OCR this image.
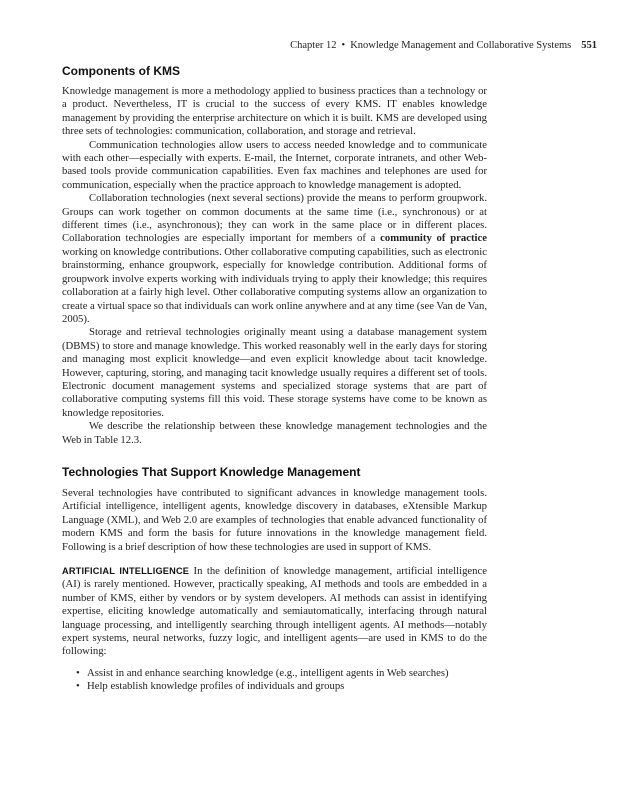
Chapter 12 • Knowledge Management and Collaborative Systems 551
Components of KMS

Knowledge management is more a methodology applied to business practices than a technology or a product. Nevertheless, IT is crucial to the success of every KMS. IT enables knowledge management by providing the enterprise architecture on which it is built. KMS are developed using three sets of technologies: communication, collaboration, and storage and retrieval.

Communication technologies allow users to access needed knowledge and to communicate with each other—especially with experts. E-mail, the Internet, corporate intranets, and other Web-based tools provide communication capabilities. Even fax machines and telephones are used for communication, especially when the practice approach to knowledge management is adopted.

Collaboration technologies (next several sections) provide the means to perform groupwork. Groups can work together on common documents at the same time (i.e., synchronous) or at different times (i.e., asynchronous); they can work in the same place or in different places. Collaboration technologies are especially important for members of a community of practice working on knowledge contributions. Other collaborative computing capabilities, such as electronic brainstorming, enhance groupwork, especially for knowledge contribution. Additional forms of groupwork involve experts working with individuals trying to apply their knowledge; this requires collaboration at a fairly high level. Other collaborative computing systems allow an organization to create a virtual space so that individuals can work online anywhere and at any time (see Van de Van, 2005).

Storage and retrieval technologies originally meant using a database management system (DBMS) to store and manage knowledge. This worked reasonably well in the early days for storing and managing most explicit knowledge—and even explicit knowledge about tacit knowledge. However, capturing, storing, and managing tacit knowledge usually requires a different set of tools. Electronic document management systems and specialized storage systems that are part of collaborative computing systems fill this void. These storage systems have come to be known as knowledge repositories.

We describe the relationship between these knowledge management technologies and the Web in Table 12.3.

Technologies That Support Knowledge Management

Several technologies have contributed to significant advances in knowledge management tools. Artificial intelligence, intelligent agents, knowledge discovery in databases, eXtensible Markup Language (XML), and Web 2.0 are examples of technologies that enable advanced functionality of modern KMS and form the basis for future innovations in the knowledge management field. Following is a brief description of how these technologies are used in support of KMS.

ARTIFICIAL INTELLIGENCE In the definition of knowledge management, artificial intelligence (AI) is rarely mentioned. However, practically speaking, AI methods and tools are embedded in a number of KMS, either by vendors or by system developers. AI methods can assist in identifying expertise, eliciting knowledge automatically and semiautomatically, interfacing through natural language processing, and intelligently searching through intelligent agents. AI methods—notably expert systems, neural networks, fuzzy logic, and intelligent agents—are used in KMS to do the following:

• Assist in and enhance searching knowledge (e.g., intelligent agents in Web searches)
• Help establish knowledge profiles of individuals and groups
